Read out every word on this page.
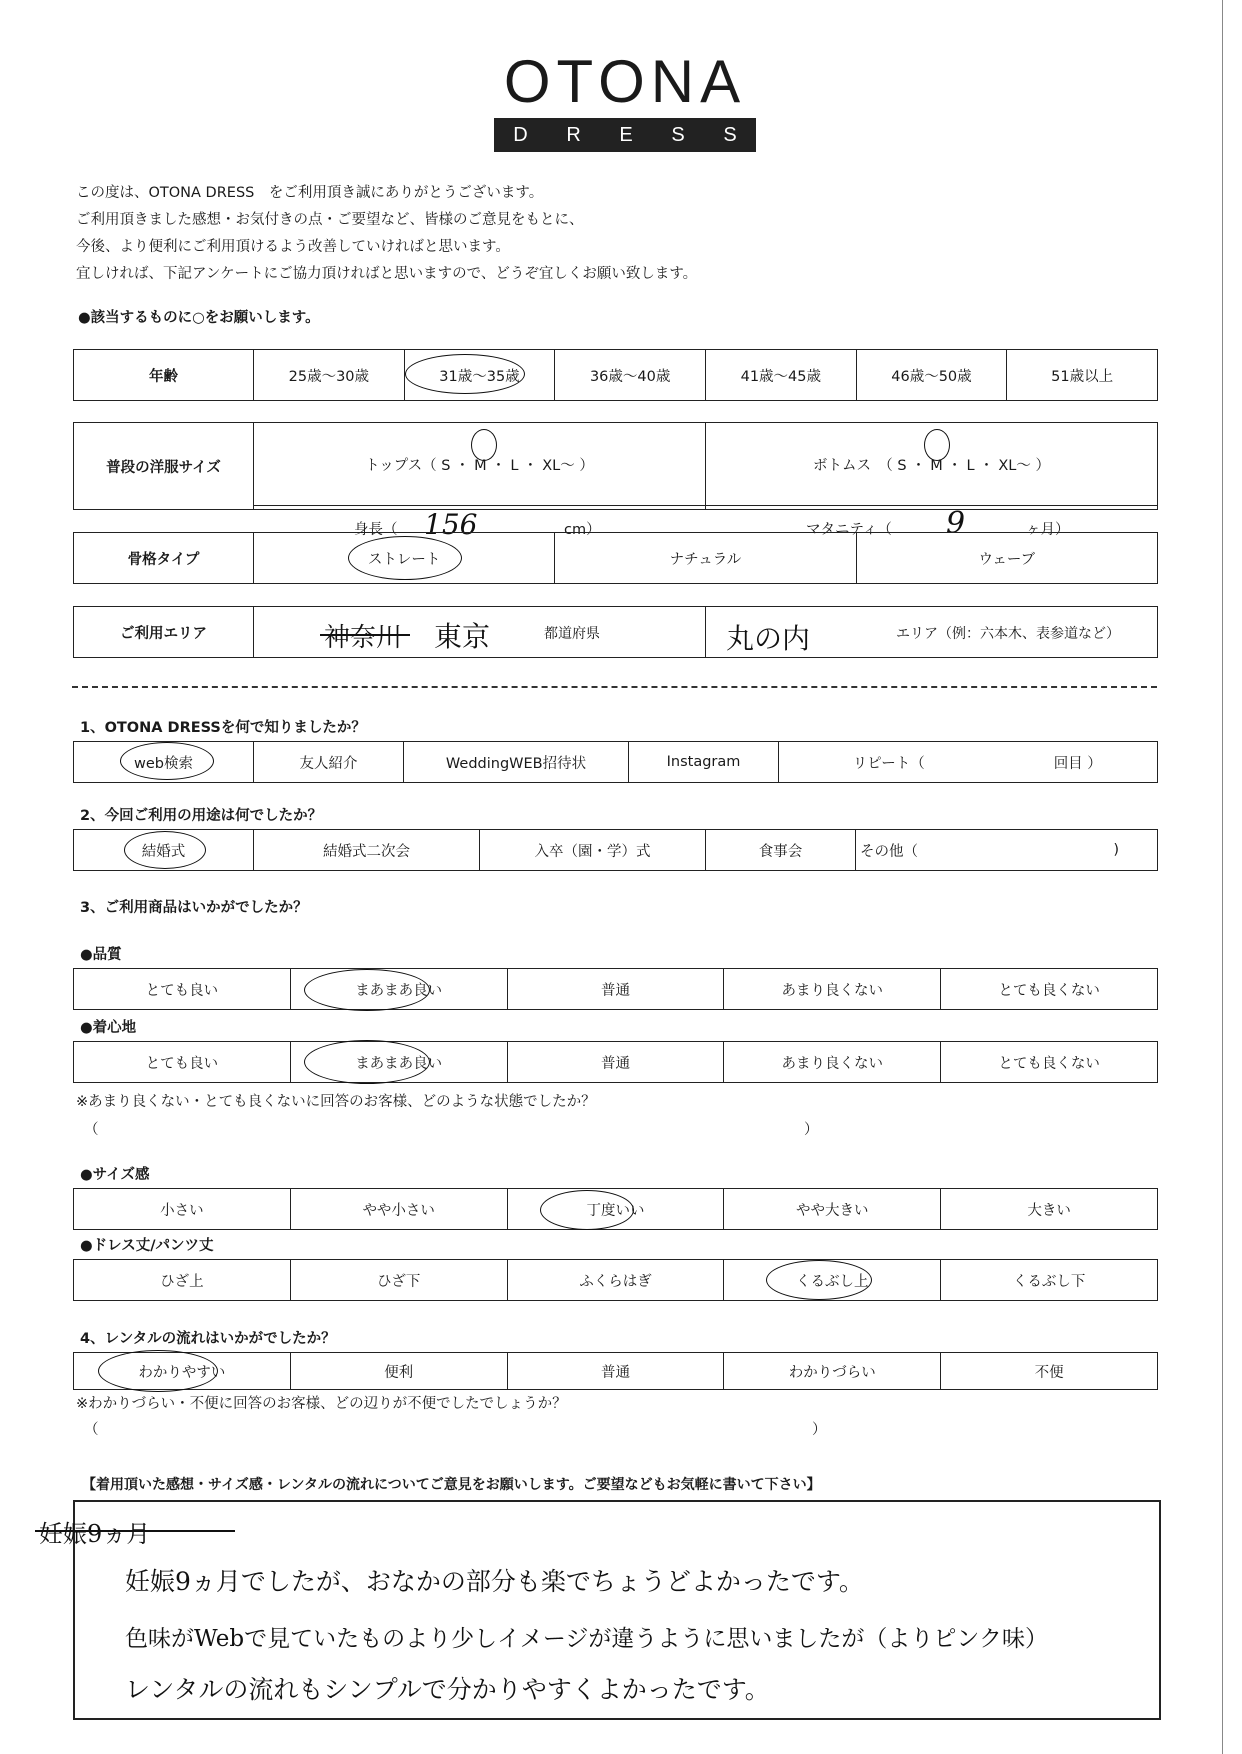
OTONA
D R E S S

この度は、OTONA DRESS　をご利用頂き誠にありがとうございます。

ご利用頂きました感想・お気付きの点・ご要望など、皆様のご意見をもとに、

今後、より便利にご利用頂けるよう改善していければと思います。

宜しければ、下記アンケートにご協力頂ければと思いますので、どうぞ宜しくお願い致します。

●該当するものに○をお願いします。
年齢	25歳〜30歳	31歳〜35歳	36歳〜40歳	41歳〜45歳	46歳〜50歳	51歳以上
普段の洋服サイズ	トップス（ S ・ M ・ L ・ XL〜 ）	ボトムス　（ S ・ M ・ L ・ XL〜 ）

	身長（ 156 cm）	マタニティ（ 9 ヶ月）
骨格タイプ	ストレート	ナチュラル	ウェーブ
ご利用エリア	神奈川 東京	都道府県	丸の内	エリア（例：六本木、表参道など）
1、OTONA DRESSを何で知りましたか？
web検索	友人紹介	WeddingWEB招待状	Instagram	リピート（	回目 ）
2、今回ご利用の用途は何でしたか？
結婚式	結婚式二次会	入卒（園・学）式	食事会	その他（	)
3、ご利用商品はいかがでしたか？
●品質
とても良い	まあまあ良い	普通	あまり良くない	とても良くない
●着心地
とても良い	まあまあ良い	普通	あまり良くない	とても良くない
※あまり良くない・とても良くないに回答のお客様、どのような状態でしたか？
（	）
●サイズ感
小さい	やや小さい	丁度いい	やや大きい	大きい
●ドレス丈/パンツ丈
ひざ上	ひざ下	ふくらはぎ	くるぶし上	くるぶし下
4、レンタルの流れはいかがでしたか？
わかりやすい	便利	普通	わかりづらい	不便
※わかりづらい・不便に回答のお客様、どの辺りが不便でしたでしょうか？
（	）
【着用頂いた感想・サイズ感・レンタルの流れについてご意見をお願いします。ご要望などもお気軽に書いて下さい】
妊娠9ヵ月
妊娠9ヵ月でしたが、おなかの部分も楽でちょうどよかったです。
色味がWebで見ていたものより少しイメージが違うように思いましたが（よりピンク味）
レンタルの流れもシンプルで分かりやすくよかったです。
